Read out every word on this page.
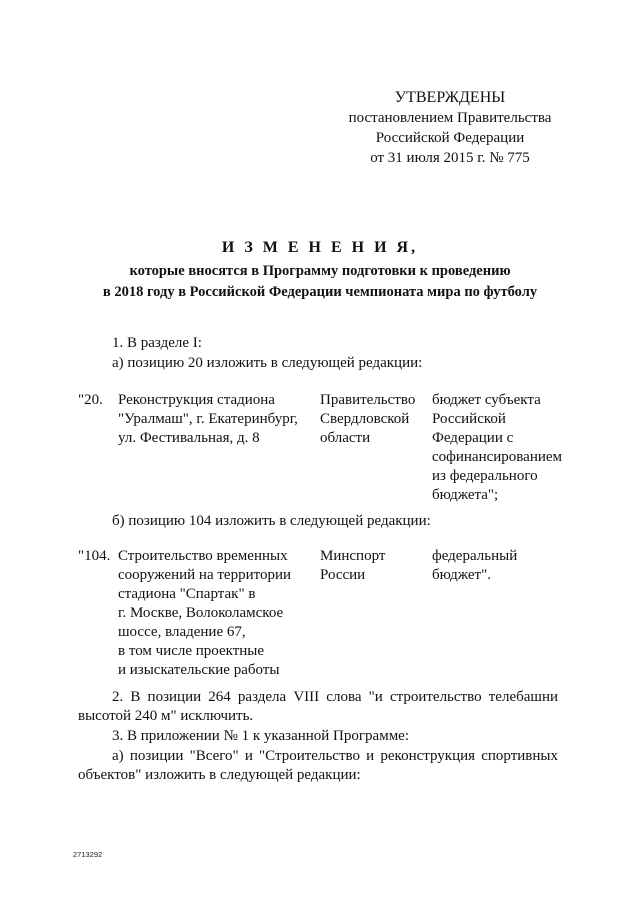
УТВЕРЖДЕНЫ
постановлением Правительства
Российской Федерации
от 31 июля 2015 г. № 775
И З М Е Н Е Н И Я,
которые вносятся в Программу подготовки к проведению
в 2018 году в Российской Федерации чемпионата мира по футболу
1. В разделе I:
а) позицию 20 изложить в следующей редакции:
"20.	Реконструкция стадиона
"Уралмаш", г. Екатеринбург,
ул. Фестивальная, д. 8
Правительство
Свердловской
области
бюджет субъекта
Российской
Федерации с
софинансированием
из федерального
бюджета";
б) позицию 104 изложить в следующей редакции:
"104. Строительство временных
сооружений на территории
стадиона "Спартак" в
г. Москве, Волоколамское
шоссе, владение 67,
в том числе проектные
и изыскательские работы
Минспорт
России
федеральный
бюджет".
2. В позиции 264 раздела VIII слова "и строительство телебашни
высотой 240 м" исключить.
3. В приложении № 1 к указанной Программе:
а) позиции "Всего" и "Строительство и реконструкция спортивных
объектов" изложить в следующей редакции:
2713292
